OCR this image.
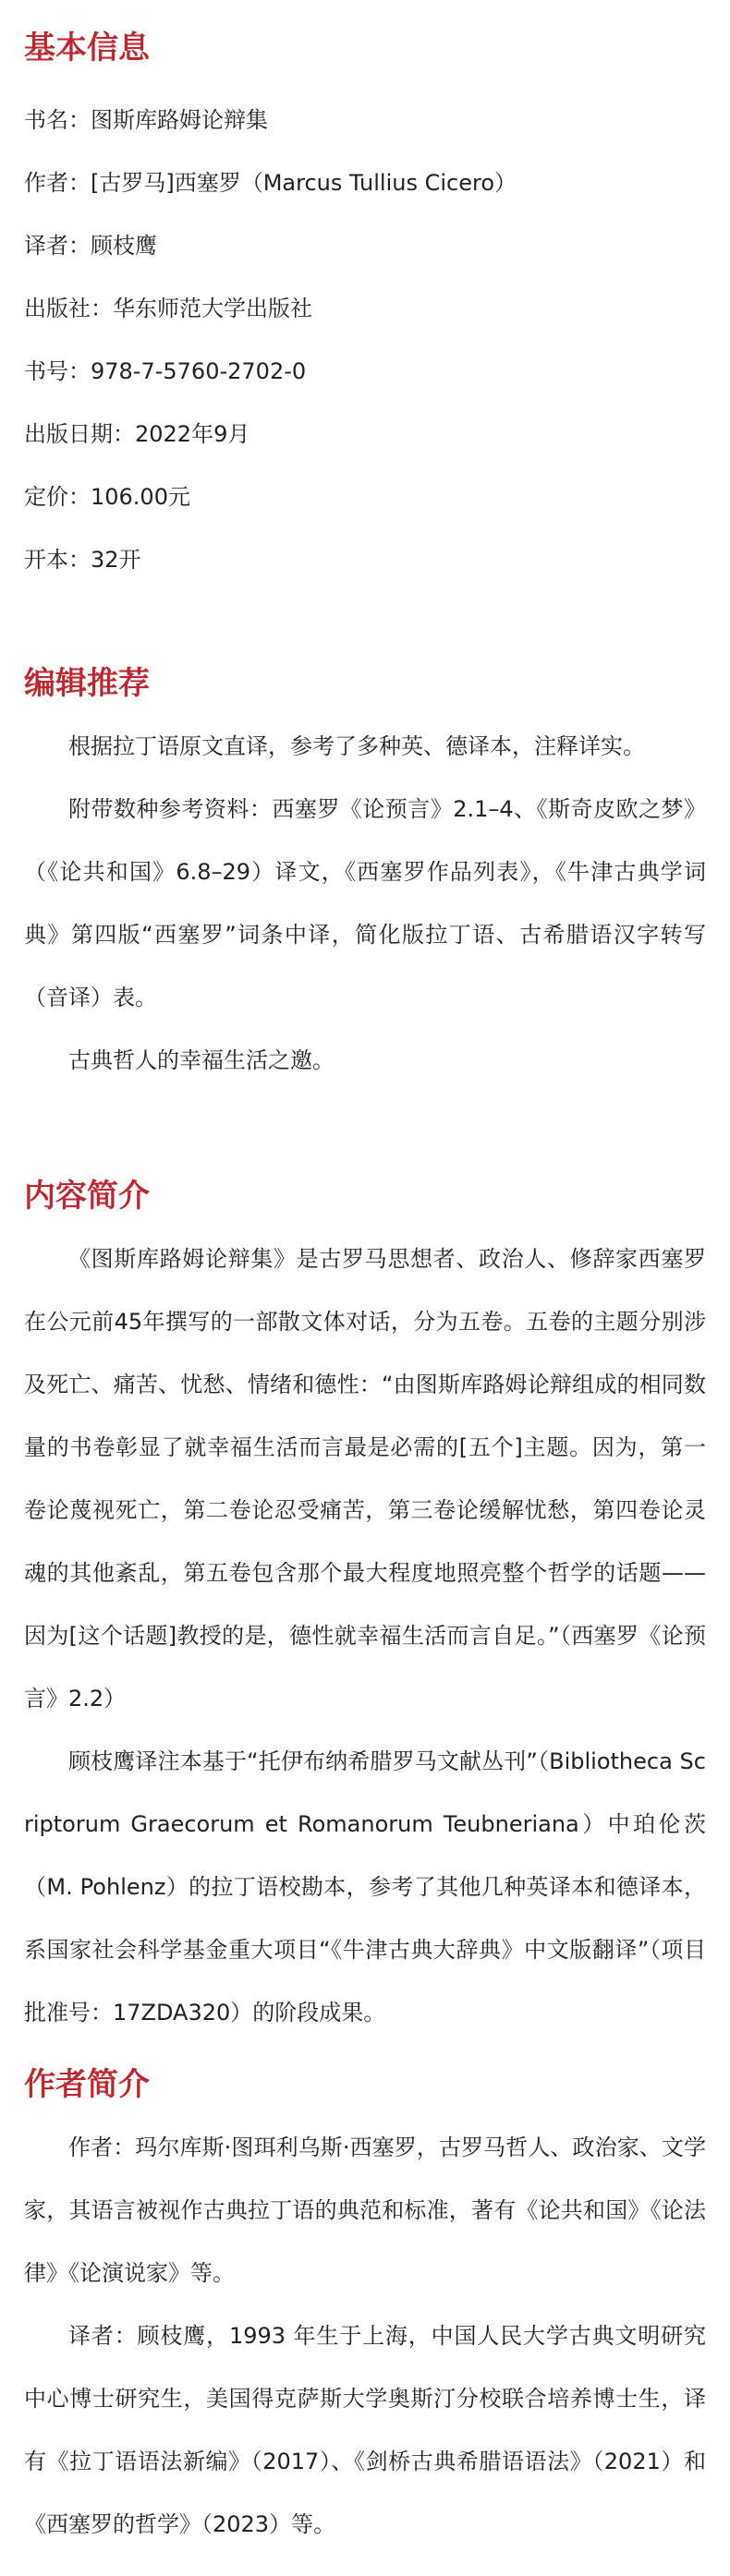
基本信息

书名：图斯库路姆论辩集

作者：[古罗马]西塞罗（Marcus Tullius Cicero）

译者：顾枝鹰

出版社：华东师范大学出版社

书号：978-7-5760-2702-0

出版日期：2022年9月

定价：106.00元

开本：32开

编辑推荐

根据拉丁语原文直译，参考了多种英、德译本，注释详实。

附带数种参考资料：西塞罗《论预言》2.1–4、《斯奇皮欧之梦》（《论共和国》6.8–29）译文，《西塞罗作品列表》，《牛津古典学词典》第四版“西塞罗”词条中译，简化版拉丁语、古希腊语汉字转写（音译）表。

古典哲人的幸福生活之邀。

内容简介

《图斯库路姆论辩集》是古罗马思想者、政治人、修辞家西塞罗在公元前45年撰写的一部散文体对话，分为五卷。五卷的主题分别涉及死亡、痛苦、忧愁、情绪和德性：“由图斯库路姆论辩组成的相同数量的书卷彰显了就幸福生活而言最是必需的[五个]主题。因为，第一卷论蔑视死亡，第二卷论忍受痛苦，第三卷论缓解忧愁，第四卷论灵魂的其他紊乱，第五卷包含那个最大程度地照亮整个哲学的话题——因为[这个话题]教授的是，德性就幸福生活而言自足。”（西塞罗《论预言》2.2）

顾枝鹰译注本基于“托伊布纳希腊罗马文献丛刊”（Bibliotheca Scriptorum Graecorum et Romanorum Teubneriana）中珀伦茨（M. Pohlenz）的拉丁语校勘本，参考了其他几种英译本和德译本，系国家社会科学基金重大项目“《牛津古典大辞典》中文版翻译”（项目批准号：17ZDA320）的阶段成果。

作者简介

作者：玛尔库斯·图珥利乌斯·西塞罗，古罗马哲人、政治家、文学家，其语言被视作古典拉丁语的典范和标准，著有《论共和国》《论法律》《论演说家》等。

译者：顾枝鹰，1993 年生于上海，中国人民大学古典文明研究中心博士研究生，美国得克萨斯大学奥斯汀分校联合培养博士生，译有《拉丁语语法新编》（2017）、《剑桥古典希腊语语法》（2021）和《西塞罗的哲学》（2023）等。
